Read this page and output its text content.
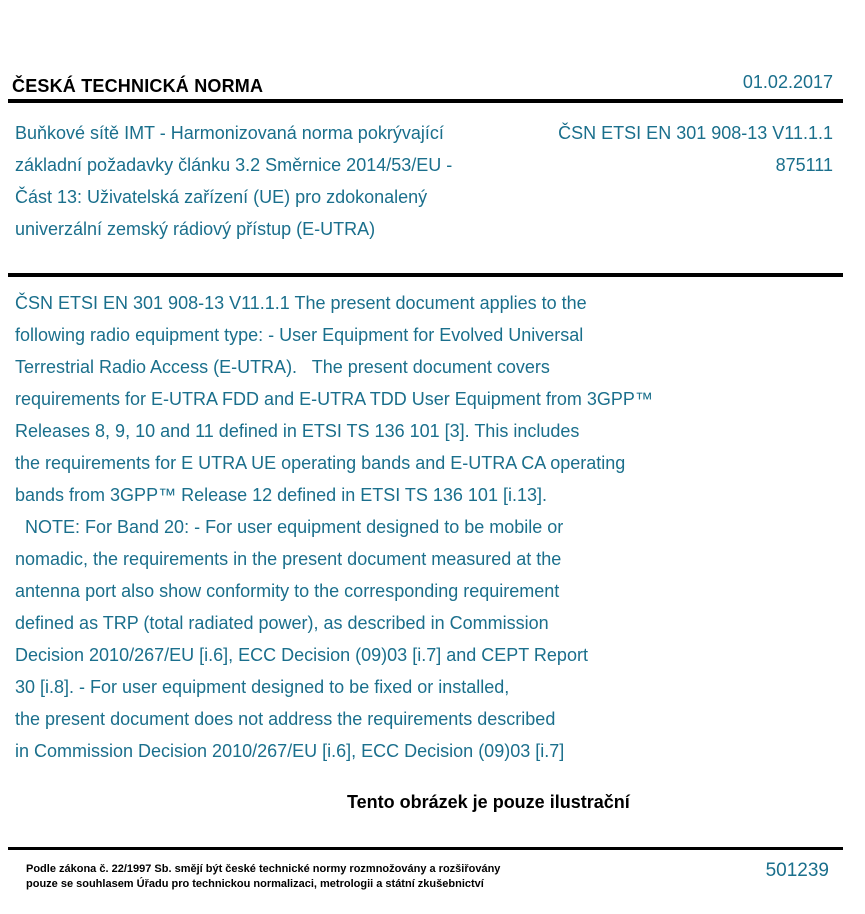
ČESKÁ TECHNICKÁ NORMA	01.02.2017
Buňkové sítě IMT - Harmonizovaná norma pokrývající
základní požadavky článku 3.2 Směrnice 2014/53/EU -
Část 13: Uživatelská zařízení (UE) pro zdokonalený
univerzální zemský rádiový přístup (E-UTRA)
ČSN ETSI EN 301 908-13 V11.1.1
875111
ČSN ETSI EN 301 908-13 V11.1.1 The present document applies to the
following radio equipment type: - User Equipment for Evolved Universal
Terrestrial Radio Access (E-UTRA).   The present document covers
requirements for E-UTRA FDD and E-UTRA TDD User Equipment from 3GPP™
Releases 8, 9, 10 and 11 defined in ETSI TS 136 101 [3]. This includes
the requirements for E UTRA UE operating bands and E-UTRA CA operating
bands from 3GPP™ Release 12 defined in ETSI TS 136 101 [i.13].
NOTE: For Band 20: - For user equipment designed to be mobile or
nomadic, the requirements in the present document measured at the
antenna port also show conformity to the corresponding requirement
defined as TRP (total radiated power), as described in Commission
Decision 2010/267/EU [i.6], ECC Decision (09)03 [i.7] and CEPT Report
30 [i.8]. - For user equipment designed to be fixed or installed,
the present document does not address the requirements described
in Commission Decision 2010/267/EU [i.6], ECC Decision (09)03 [i.7]
Tento obrázek je pouze ilustrační
Podle zákona č. 22/1997 Sb. smějí být české technické normy rozmnožovány a rozšiřovány
pouze se souhlasem Úřadu pro technickou normalizaci, metrologii a státní zkušebnictví
501239
